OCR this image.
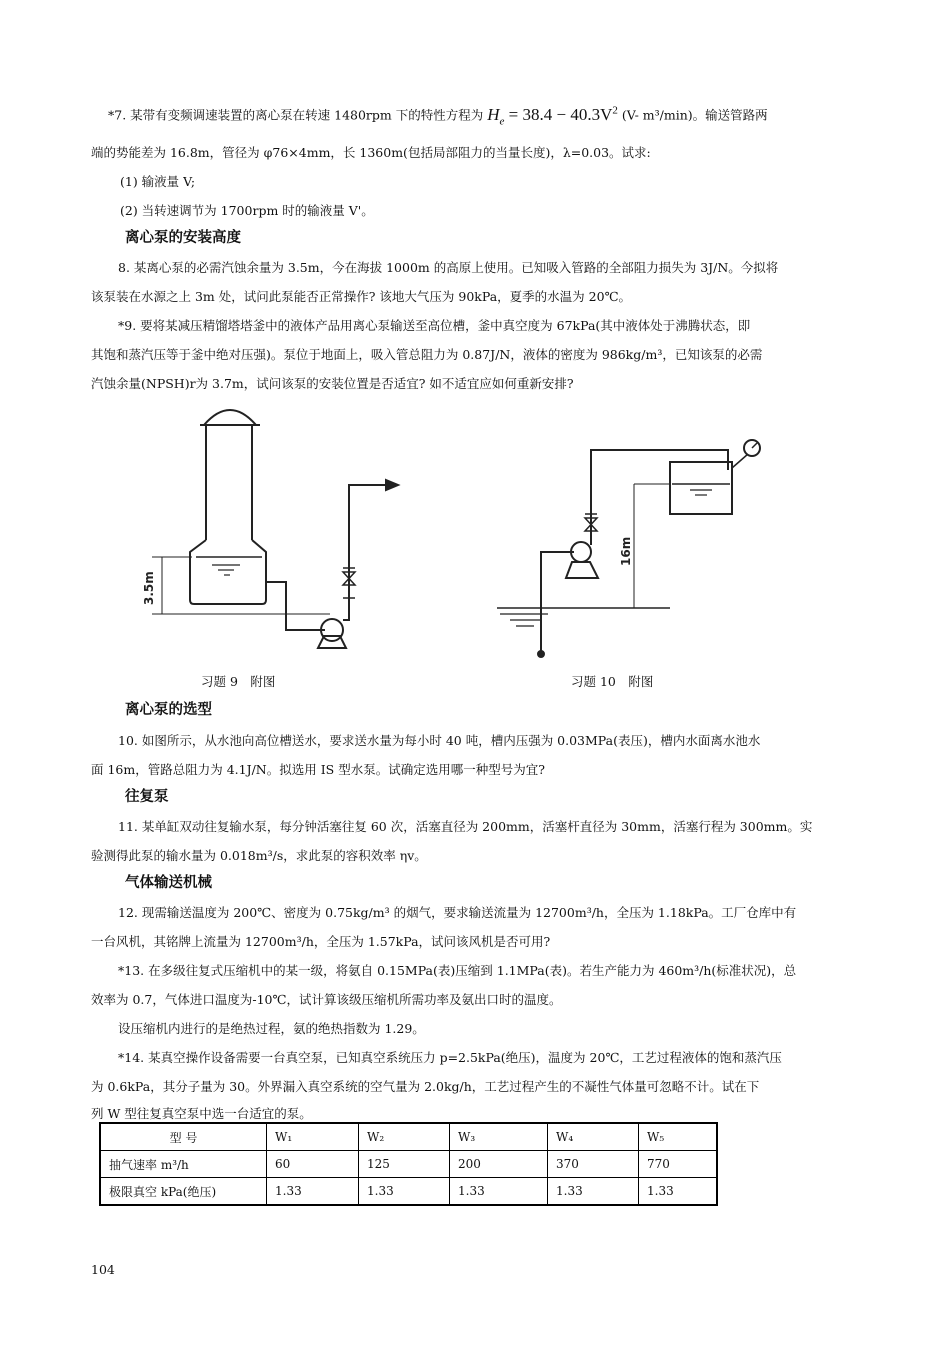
*7. 某带有变频调速装置的离心泵在转速 1480rpm 下的特性方程为 $H_e = 38.4 - 40.3V^2$ (V- m³/min)。输送管路两
端的势能差为 16.8m，管径为 φ76×4mm，长 1360m(包括局部阻力的当量长度)，λ=0.03。试求:
(1) 输液量 V;
(2) 当转速调节为 1700rpm 时的输液量 V'。
离心泵的安装高度
8. 某离心泵的必需汽蚀余量为 3.5m，今在海拔 1000m 的高原上使用。已知吸入管路的全部阻力损失为 3J/N。今拟将
该泵装在水源之上 3m 处，试问此泵能否正常操作? 该地大气压为 90kPa，夏季的水温为 20℃。
*9. 要将某减压精馏塔塔釜中的液体产品用离心泵输送至高位槽，釜中真空度为 67kPa(其中液体处于沸腾状态，即
其饱和蒸汽压等于釜中绝对压强)。泵位于地面上，吸入管总阻力为 0.87J/N，液体的密度为 986kg/m³，已知该泵的必需
汽蚀余量(NPSH)r为 3.7m，试问该泵的安装位置是否适宜? 如不适宜应如何重新安排?
3.5m
16m
习题 9　附图	习题 10　附图
离心泵的选型
10. 如图所示，从水池向高位槽送水，要求送水量为每小时 40 吨，槽内压强为 0.03MPa(表压)，槽内水面离水池水
面 16m，管路总阻力为 4.1J/N。拟选用 IS 型水泵。试确定选用哪一种型号为宜?
往复泵
11. 某单缸双动往复输水泵，每分钟活塞往复 60 次，活塞直径为 200mm，活塞杆直径为 30mm，活塞行程为 300mm。实
验测得此泵的输水量为 0.018m³/s，求此泵的容积效率 ηv。
气体输送机械
12. 现需输送温度为 200℃、密度为 0.75kg/m³ 的烟气，要求输送流量为 12700m³/h，全压为 1.18kPa。工厂仓库中有
一台风机，其铭牌上流量为 12700m³/h，全压为 1.57kPa，试问该风机是否可用?
*13. 在多级往复式压缩机中的某一级，将氨自 0.15MPa(表)压缩到 1.1MPa(表)。若生产能力为 460m³/h(标准状况)，总
效率为 0.7，气体进口温度为-10℃，试计算该级压缩机所需功率及氨出口时的温度。
设压缩机内进行的是绝热过程，氨的绝热指数为 1.29。
*14. 某真空操作设备需要一台真空泵，已知真空系统压力 p=2.5kPa(绝压)，温度为 20℃，工艺过程液体的饱和蒸汽压
为 0.6kPa，其分子量为 30。外界漏入真空系统的空气量为 2.0kg/h，工艺过程产生的不凝性气体量可忽略不计。试在下
列 W 型往复真空泵中选一台适宜的泵。
型 号	W₁	W₂	W₃	W₄	W₅
抽气速率 m³/h	60	125	200	370	770
极限真空 kPa(绝压)	1.33	1.33	1.33	1.33	1.33
104
